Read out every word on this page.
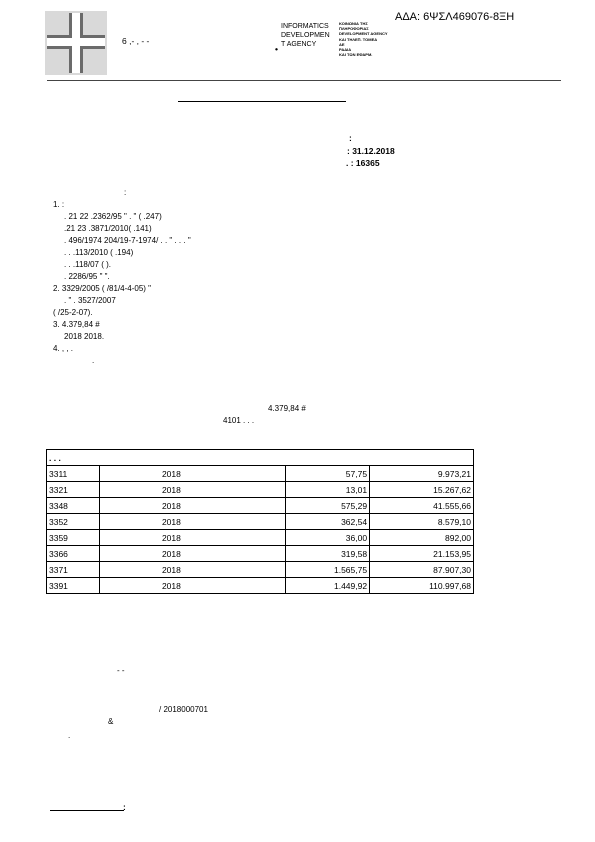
6 ,- , - -
•
INFORMATICS
DEVELOPMEN
T AGENCY
ΚΟΙΝΩΝΙΑ ΤΗΣ
ΠΛΗΡΟΦΟΡΙΑΣ
DEVELOPMENT AGENCY
ΚΑΙ ΤΗΛΕΠ. ΤΟΜΕΑ
ΑΕ
ΡΑΔΙΑ
ΚΑΙ ΤΩΝ ΕΦΑΡΜ.
ΑΔΑ: 6ΨΣΛ469076-8ΞΗ
:
: 31.12.2018
. : 16365
:
1. :
. 21 22 .2362/95 " . " ( .247)
.21 23 .3871/2010( .141)
. 496/1974 204/19-7-1974/ . . " . . . "
. . .113/2010 ( .194)
. . .118/07 ( ).
. 2286/95 " ".
2. 3329/2005 ( /81/4-4-05) "
. " . 3527/2007
( /25-2-07).
3. 4.379,84 #
2018 2018.
4. , , .
.
4.379,84 #
4101 . . .
. . .			
3311	2018	57,75	9.973,21
3321	2018	13,01	15.267,62
3348	2018	575,29	41.555,66
3352	2018	362,54	8.579,10
3359	2018	36,00	892,00
3366	2018	319,58	21.153,95
3371	2018	1.565,75	87.907,30
3391	2018	1.449,92	110.997,68
- -
/ 2018000701
&
.
:
